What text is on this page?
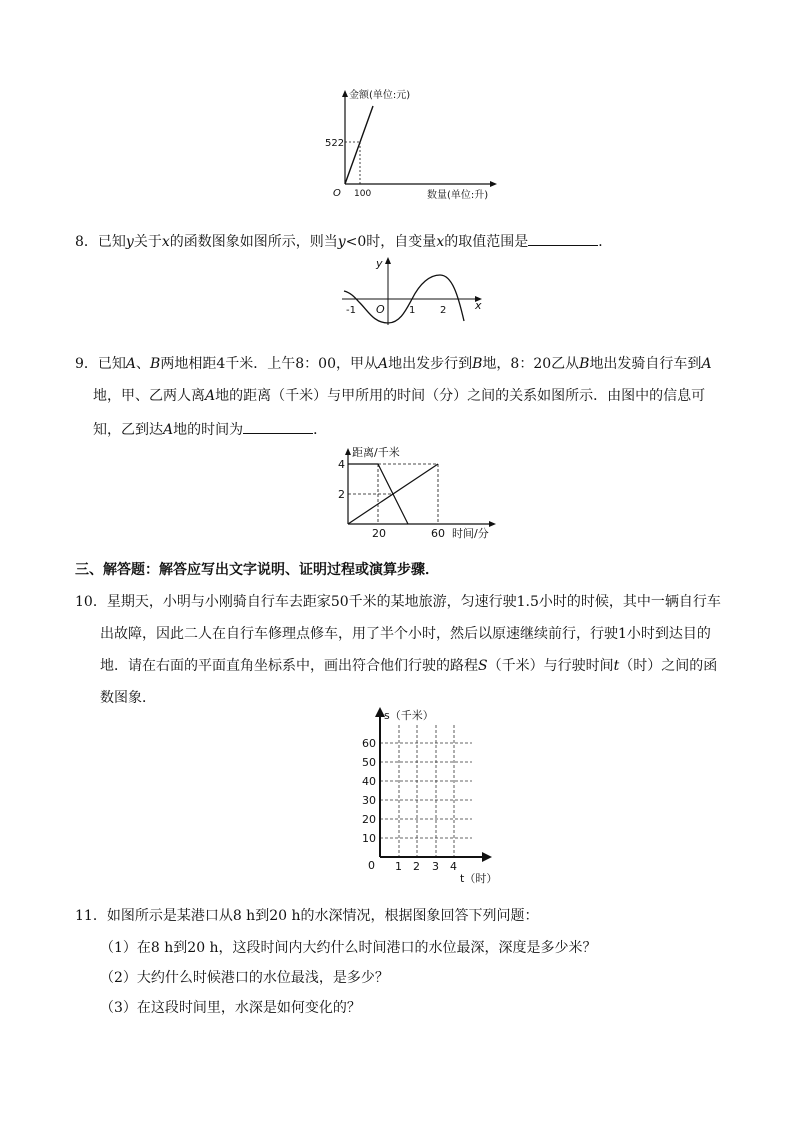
金额(单位:元)
522
O 100	数量(单位:升)
8．已知y关于x的函数图象如图所示，则当y<0时，自变量x的取值范围是	．
y
x
O
-1	1 2
9．已知A、B两地相距4千米．上午8：00，甲从A地出发步行到B地，8：20乙从B地出发骑自行车到A
地，甲、乙两人离A地的距离（千米）与甲所用的时间（分）之间的关系如图所示．由图中的信息可
知，乙到达A地的时间为	．
距离/千米
4
2
20	60 时间/分
三、解答题：解答应写出文字说明、证明过程或演算步骤．
10．星期天，小明与小刚骑自行车去距家50千米的某地旅游，匀速行驶1.5小时的时候，其中一辆自行车
出故障，因此二人在自行车修理点修车，用了半个小时，然后以原速继续前行，行驶1小时到达目的
地．请在右面的平面直角坐标系中，画出符合他们行驶的路程S（千米）与行驶时间t（时）之间的函
数图象．
s（千米）
60
50
40
30
20
10
0 1 2 3 4
t（时）
11．如图所示是某港口从8 h到20 h的水深情况，根据图象回答下列问题：
（1）在8 h到20 h，这段时间内大约什么时间港口的水位最深，深度是多少米？
（2）大约什么时候港口的水位最浅，是多少？
（3）在这段时间里，水深是如何变化的？
